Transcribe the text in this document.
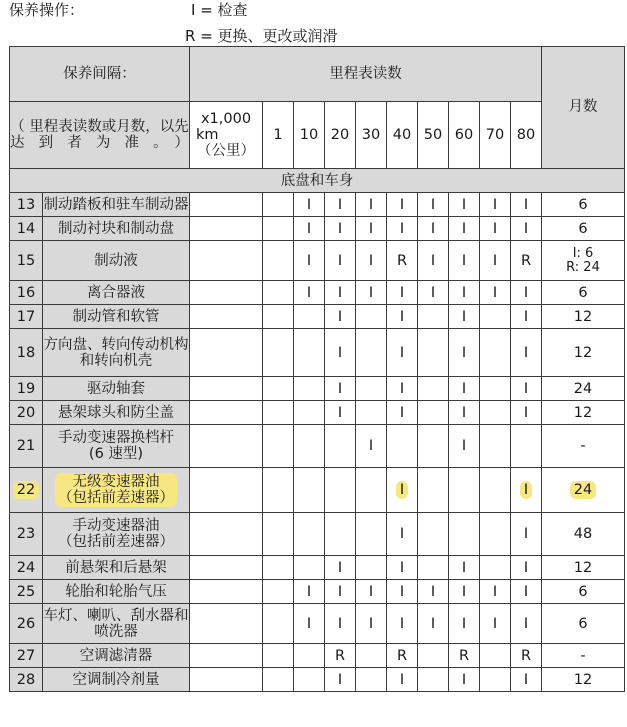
保养操作：	I = 检查
R = 更换、更改或润滑
保养间隔：		里程表读数										月数
（ 里程表读数或月数，以先达到者为准。）		x1,000
km
（公里）	1	10	20	30	40	50	60	70	80	
底盘和车身												
13	制动踏板和驻车制动器			I	I	I	I	I	I	I	I	6
14	制动衬块和制动盘			I	I	I	I	I	I	I	I	6
15	制动液			I	I	I	R	I	I	I	R	I: 6
R: 24
16	离合器液			I	I	I	I	I	I	I	I	6
17	制动管和软管				I		I		I		I	12
18	方向盘、转向传动机构和转向机壳				I		I		I		I	12
19	驱动轴套				I		I		I		I	24
20	悬架球头和防尘盖				I		I		I		I	12
21	手动变速器换档杆
(6 速型)					I			I			-
22	无级变速器油
（包括前差速器）						I				I	24
23	手动变速器油
（包括前差速器）						I				I	48
24	前悬架和后悬架				I		I		I		I	12
25	轮胎和轮胎气压			I	I	I	I	I	I	I	I	6
26	车灯、喇叭、刮水器和喷洗器			I	I	I	I	I	I	I	I	6
27	空调滤清器				R		R		R		R	-
28	空调制冷剂量				I		I		I		I	12
